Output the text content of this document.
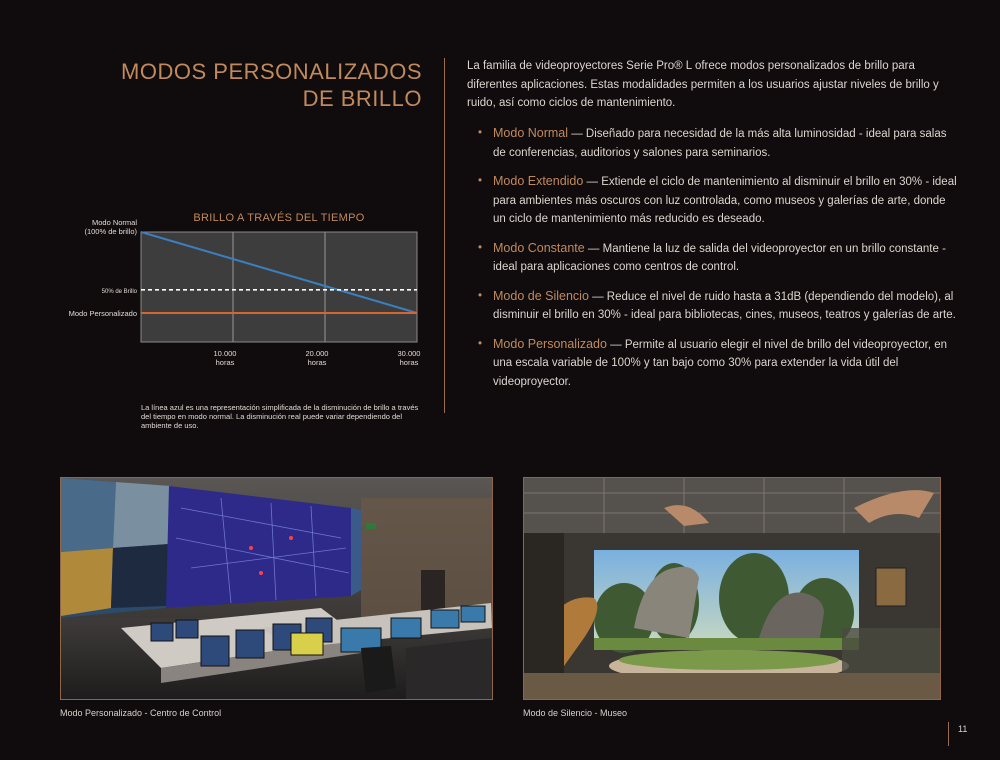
MODOS PERSONALIZADOS
DE BRILLO

La familia de videoproyectores Serie Pro® L ofrece modos personalizados de brillo para diferentes aplicaciones. Estas modalidades permiten a los usuarios ajustar niveles de brillo y ruido, así como ciclos de mantenimiento.

• Modo Normal — Diseñado para necesidad de la más alta luminosidad - ideal para salas de conferencias, auditorios y salones para seminarios.
• Modo Extendido — Extiende el ciclo de mantenimiento al disminuir el brillo en 30% - ideal para ambientes más oscuros con luz controlada, como museos y galerías de arte, donde un ciclo de mantenimiento más reducido es deseado.
• Modo Constante — Mantiene la luz de salida del videoproyector en un brillo constante - ideal para aplicaciones como centros de control.
• Modo de Silencio — Reduce el nivel de ruido hasta a 31dB (dependiendo del modelo), al disminuir el brillo en 30% - ideal para bibliotecas, cines, museos, teatros y galerías de arte.
• Modo Personalizado — Permite al usuario elegir el nivel de brillo del videoproyector, en una escala variable de 100% y tan bajo como 30% para extender la vida útil del videoproyector.
BRILLO A TRAVÉS DEL TIEMPO
10.000
horas
20.000
horas
30.000
horas
Modo Normal
(100% de brillo)
50% de Brillo
Modo Personalizado
La línea azul es una representación simplificada de la disminución de brillo a través del tiempo en modo normal. La disminución real puede variar dependiendo del ambiente de uso.
Modo Personalizado - Centro de Control	Modo de Silencio - Museo
11
